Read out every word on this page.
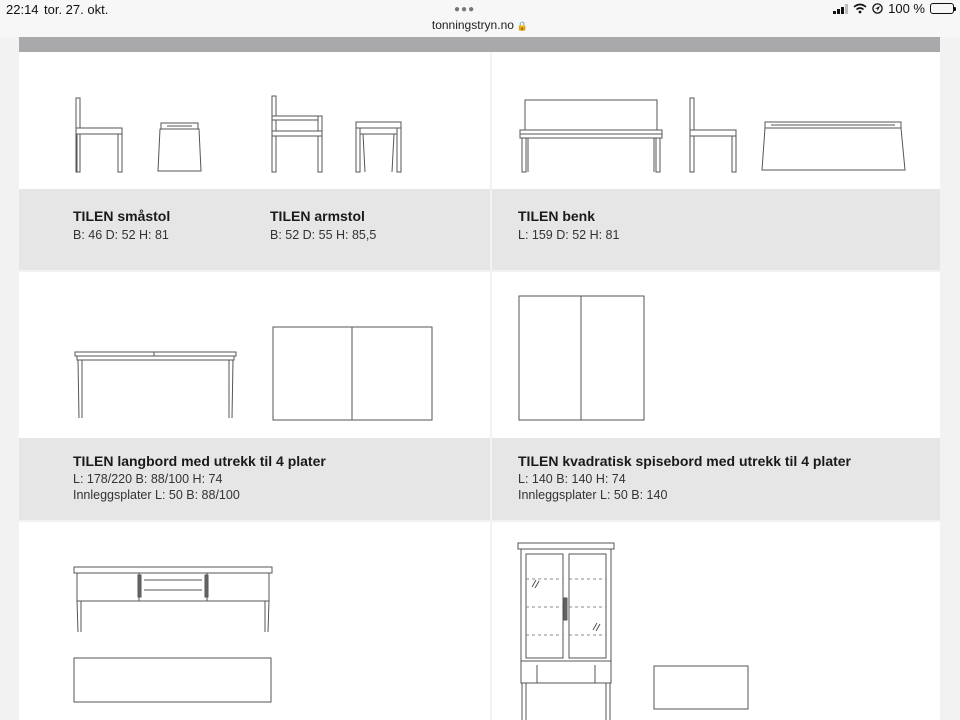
22:14 tor. 27. okt.	●●●
tonningstryn.no 🔒
100 %
TILEN småstol
B: 46 D: 52 H: 81
TILEN armstol
B: 52 D: 55 H: 85,5
TILEN benk
L: 159 D: 52 H: 81
TILEN langbord med utrekk til 4 plater
L: 178/220 B: 88/100 H: 74
Innleggsplater L: 50 B: 88/100
TILEN kvadratisk spisebord med utrekk til 4 plater
L: 140 B: 140 H: 74
Innleggsplater L: 50 B: 140
